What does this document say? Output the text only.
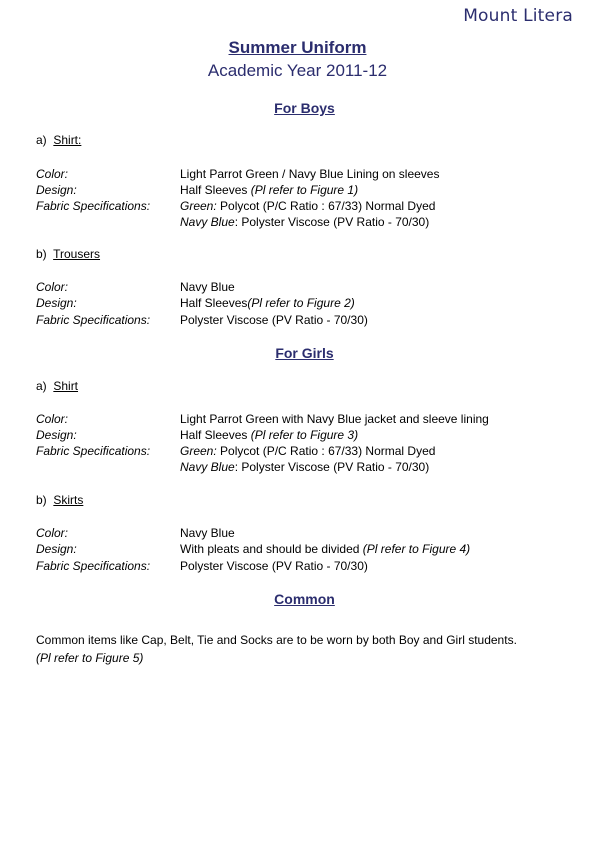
Mount Litera
Summer Uniform
Academic Year 2011-12
For Boys
a) Shirt:
Color:	Light Parrot Green / Navy Blue Lining on sleeves
Design:	Half Sleeves (Pl refer to Figure 1)
Fabric Specifications: Green: Polycot (P/C Ratio : 67/33) Normal Dyed
Navy Blue: Polyster Viscose (PV Ratio - 70/30)
b) Trousers
Color:	Navy Blue
Design:	Half Sleeves(Pl refer to Figure 2)
Fabric Specifications: Polyster Viscose (PV Ratio - 70/30)
For Girls
a) Shirt
Color:	Light Parrot Green with Navy Blue jacket and sleeve lining
Design:	Half Sleeves (Pl refer to Figure 3)
Fabric Specifications: Green: Polycot (P/C Ratio : 67/33) Normal Dyed
Navy Blue: Polyster Viscose (PV Ratio - 70/30)
b) Skirts
Color:	Navy Blue
Design:	With pleats and should be divided (Pl refer to Figure 4)
Fabric Specifications: Polyster Viscose (PV Ratio - 70/30)
Common
Common items like Cap, Belt, Tie and Socks are to be worn by both Boy and Girl students.
(Pl refer to Figure 5)
